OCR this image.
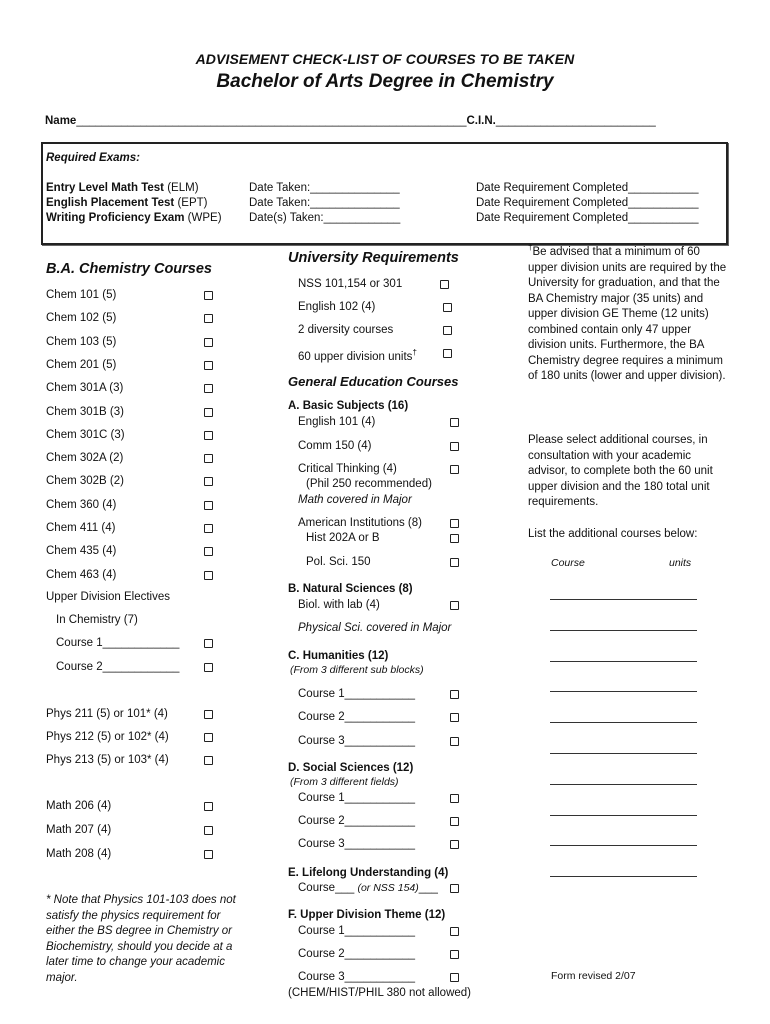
ADVISEMENT CHECK-LIST OF COURSES TO BE TAKEN
Bachelor of Arts Degree in Chemistry
Name_____________________________________________________________C.I.N._________________________
Required Exams:
Entry Level Math Test (ELM)
English Placement Test (EPT)
Writing Proficiency Exam (WPE)
Date Taken:______________
Date Taken:______________
Date(s) Taken:____________
Date Requirement Completed___________
Date Requirement Completed___________
Date Requirement Completed___________
B.A. Chemistry Courses
Chem 101 (5)
Chem 102 (5)
Chem 103 (5)
Chem 201 (5)
Chem 301A (3)
Chem 301B (3)
Chem 301C (3)
Chem 302A (2)
Chem 302B (2)
Chem 360 (4)
Chem 411 (4)
Chem 435 (4)
Chem 463 (4)
Upper Division Electives
In Chemistry (7)
Course 1____________
Course 2____________
Phys 211 (5) or 101* (4)
Phys 212 (5) or 102* (4)
Phys 213 (5) or 103* (4)
Math 206 (4)
Math 207 (4)
Math 208 (4)
* Note that Physics 101-103 does not satisfy the physics requirement for either the BS degree in Chemistry or Biochemistry, should you decide at a later time to change your academic major.
University Requirements
NSS 101,154 or 301
English 102 (4)
2 diversity courses
60 upper division units†
General Education Courses
A. Basic Subjects (16)
English 101 (4)
Comm 150 (4)
Critical Thinking (4)
(Phil 250 recommended)
Math covered in Major
American Institutions (8)
Hist 202A or B
Pol. Sci. 150
B. Natural Sciences (8)
Biol. with lab (4)
Physical Sci. covered in Major
C. Humanities (12)
(From 3 different sub blocks)
Course 1___________
Course 2___________
Course 3___________
D. Social Sciences (12)
(From 3 different fields)
Course 1___________
Course 2___________
Course 3___________
E. Lifelong Understanding (4)
Course___ (or NSS 154)___
F. Upper Division Theme (12)
Course 1___________
Course 2___________
Course 3___________
(CHEM/HIST/PHIL 380 not allowed)
†Be advised that a minimum of 60 upper division units are required by the University for graduation, and that the BA Chemistry major (35 units) and upper division GE Theme (12 units) combined contain only 47 upper division units. Furthermore, the BA Chemistry degree requires a minimum of 180 units (lower and upper division).
Please select additional courses, in consultation with your academic advisor, to complete both the 60 unit upper division and the 180 total unit requirements.
List the additional courses below:
Course	units
Form revised 2/07
